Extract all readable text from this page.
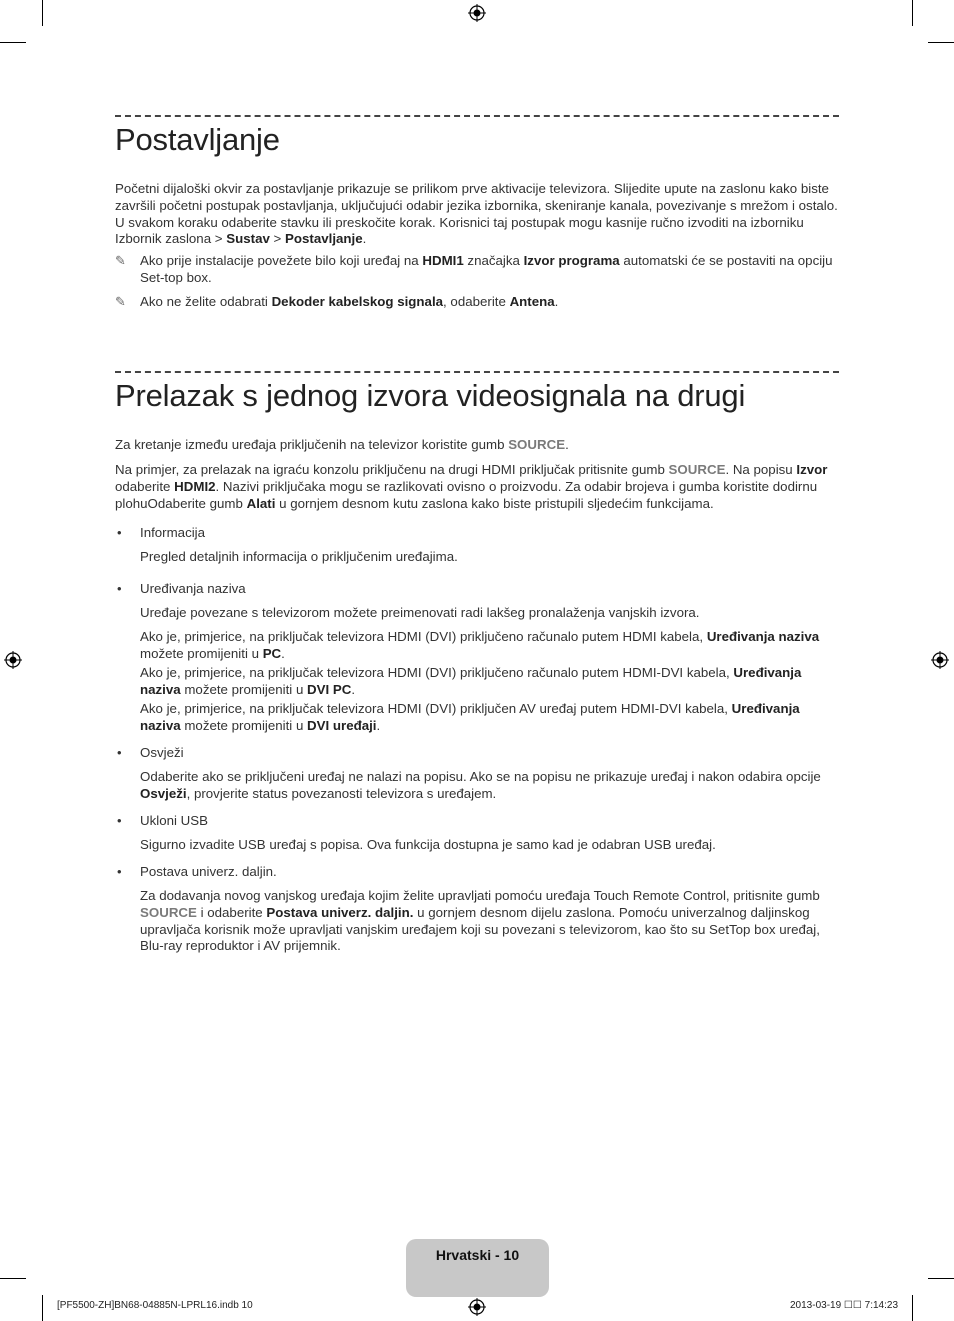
Postavljanje

Početni dijaloški okvir za postavljanje prikazuje se prilikom prve aktivacije televizora. Slijedite upute na zaslonu kako biste završili početni postupak postavljanja, uključujući odabir jezika izbornika, skeniranje kanala, povezivanje s mrežom i ostalo. U svakom koraku odaberite stavku ili preskočite korak. Korisnici taj postupak mogu kasnije ručno izvoditi na izborniku Izbornik zaslona > Sustav > Postavljanje.

✎ Ako prije instalacije povežete bilo koji uređaj na HDMI1 značajka Izvor programa automatski će se postaviti na opciju Set-top box.

✎ Ako ne želite odabrati Dekoder kabelskog signala, odaberite Antena.

Prelazak s jednog izvora videosignala na drugi

Za kretanje između uređaja priključenih na televizor koristite gumb SOURCE.

Na primjer, za prelazak na igraću konzolu priključenu na drugi HDMI priključak pritisnite gumb SOURCE. Na popisu Izvor odaberite HDMI2. Nazivi priključaka mogu se razlikovati ovisno o proizvodu. Za odabir brojeva i gumba koristite dodirnu plohuOdaberite gumb Alati u gornjem desnom kutu zaslona kako biste pristupili sljedećim funkcijama.

• Informacija

Pregled detaljnih informacija o priključenim uređajima.

• Uređivanja naziva

Uređaje povezane s televizorom možete preimenovati radi lakšeg pronalaženja vanjskih izvora.

Ako je, primjerice, na priključak televizora HDMI (DVI) priključeno računalo putem HDMI kabela, Uređivanja naziva možete promijeniti u PC.

Ako je, primjerice, na priključak televizora HDMI (DVI) priključeno računalo putem HDMI-DVI kabela, Uređivanja naziva možete promijeniti u DVI PC.

Ako je, primjerice, na priključak televizora HDMI (DVI) priključen AV uređaj putem HDMI-DVI kabela, Uređivanja naziva možete promijeniti u DVI uređaji.

• Osvježi

Odaberite ako se priključeni uređaj ne nalazi na popisu. Ako se na popisu ne prikazuje uređaj i nakon odabira opcije Osvježi, provjerite status povezanosti televizora s uređajem.

• Ukloni USB

Sigurno izvadite USB uređaj s popisa. Ova funkcija dostupna je samo kad je odabran USB uređaj.

• Postava univerz. daljin.

Za dodavanja novog vanjskog uređaja kojim želite upravljati pomoću uređaja Touch Remote Control, pritisnite gumb SOURCE i odaberite Postava univerz. daljin. u gornjem desnom dijelu zaslona. Pomoću univerzalnog daljinskog upravljača korisnik može upravljati vanjskim uređajem koji su povezani s televizorom, kao što su SetTop box uređaj, Blu-ray reproduktor i AV prijemnik.

Hrvatski - 10
[PF5500-ZH]BN68-04885N-LPRL16.indb 10	2013-03-19 ☐☐ 7:14:23
